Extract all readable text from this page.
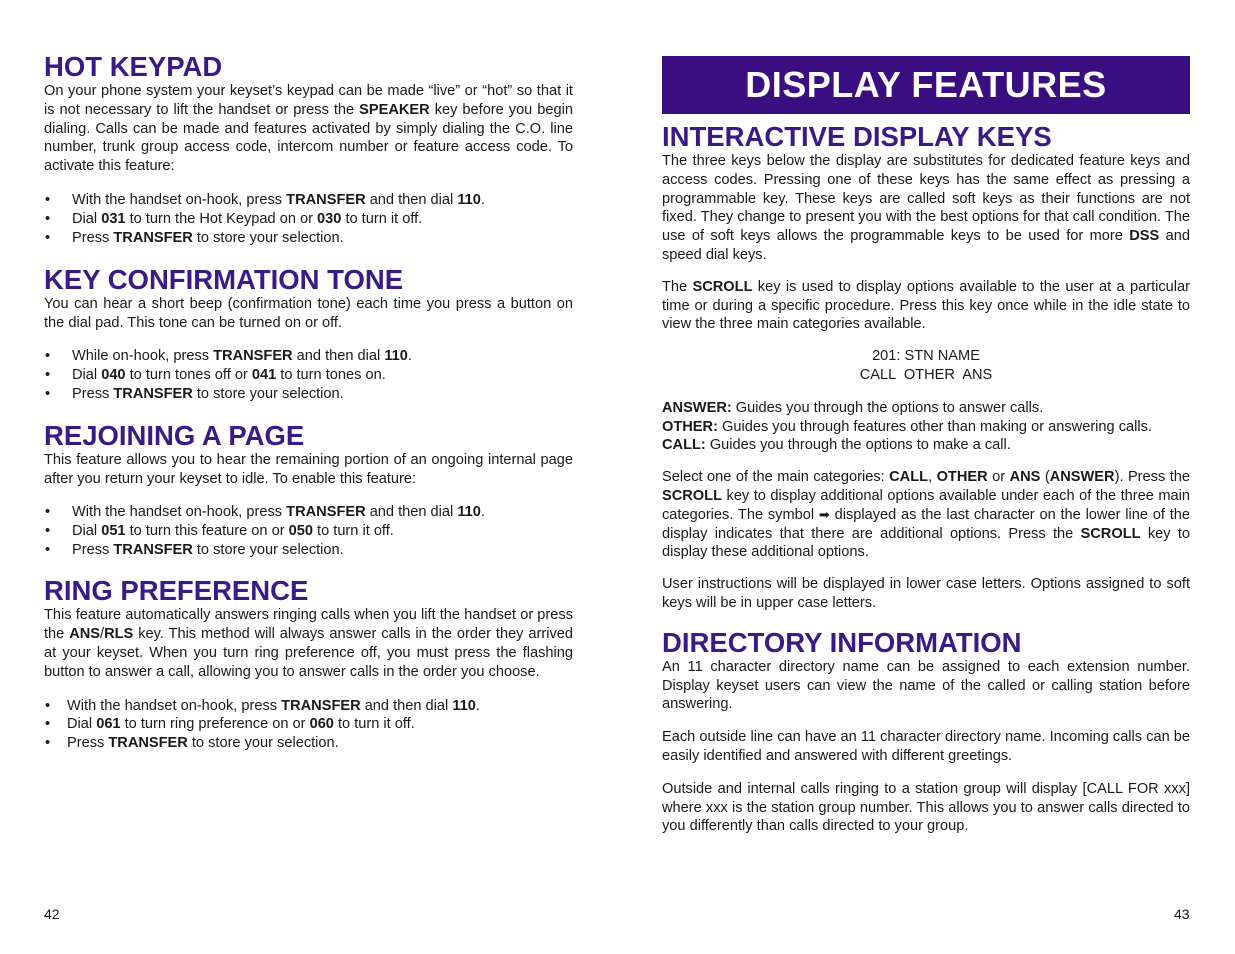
HOT KEYPAD

On your phone system your keyset’s keypad can be made “live” or “hot” so that it is not necessary to lift the handset or press the SPEAKER key before you begin dialing. Calls can be made and features activated by simply dialing the C.O. line number, trunk group access code, intercom number or feature access code. To activate this feature:

• With the handset on-hook, press TRANSFER and then dial 110.
• Dial 031 to turn the Hot Keypad on or 030 to turn it off.
• Press TRANSFER to store your selection.
KEY CONFIRMATION TONE

You can hear a short beep (confirmation tone) each time you press a button on the dial pad. This tone can be turned on or off.

• While on-hook, press TRANSFER and then dial 110.
• Dial 040 to turn tones off or 041 to turn tones on.
• Press TRANSFER to store your selection.
REJOINING A PAGE

This feature allows you to hear the remaining portion of an ongoing internal page after you return your keyset to idle. To enable this feature:

• With the handset on-hook, press TRANSFER and then dial 110.
• Dial 051 to turn this feature on or 050 to turn it off.
• Press TRANSFER to store your selection.
RING PREFERENCE

This feature automatically answers ringing calls when you lift the handset or press the ANS/RLS key. This method will always answer calls in the order they arrived at your keyset. When you turn ring preference off, you must press the flashing button to answer a call, allowing you to answer calls in the order you choose.

• With the handset on-hook, press TRANSFER and then dial 110.
• Dial 061 to turn ring preference on or 060 to turn it off.
• Press TRANSFER to store your selection.
42
DISPLAY FEATURES
INTERACTIVE DISPLAY KEYS

The three keys below the display are substitutes for dedicated feature keys and access codes. Pressing one of these keys has the same effect as pressing a programmable key. These keys are called soft keys as their functions are not fixed. They change to present you with the best options for that call condition. The use of soft keys allows the programmable keys to be used for more DSS and speed dial keys.

The SCROLL key is used to display options available to the user at a particular time or during a specific procedure. Press this key once while in the idle state to view the three main categories available.

201: STN NAME
CALL  OTHER  ANS

ANSWER: Guides you through the options to answer calls.

OTHER: Guides you through features other than making or answering calls.

CALL: Guides you through the options to make a call.

Select one of the main categories: CALL, OTHER or ANS (ANSWER). Press the SCROLL key to display additional options available under each of the three main categories. The symbol ➡ displayed as the last character on the lower line of the display indicates that there are additional options. Press the SCROLL key to display these additional options.

User instructions will be displayed in lower case letters. Options assigned to soft keys will be in upper case letters.

DIRECTORY INFORMATION

An 11 character directory name can be assigned to each extension number. Display keyset users can view the name of the called or calling station before answering.

Each outside line can have an 11 character directory name. Incoming calls can be easily identified and answered with different greetings.

Outside and internal calls ringing to a station group will display [CALL FOR xxx] where xxx is the station group number. This allows you to answer calls directed to you differently than calls directed to your group.

43
